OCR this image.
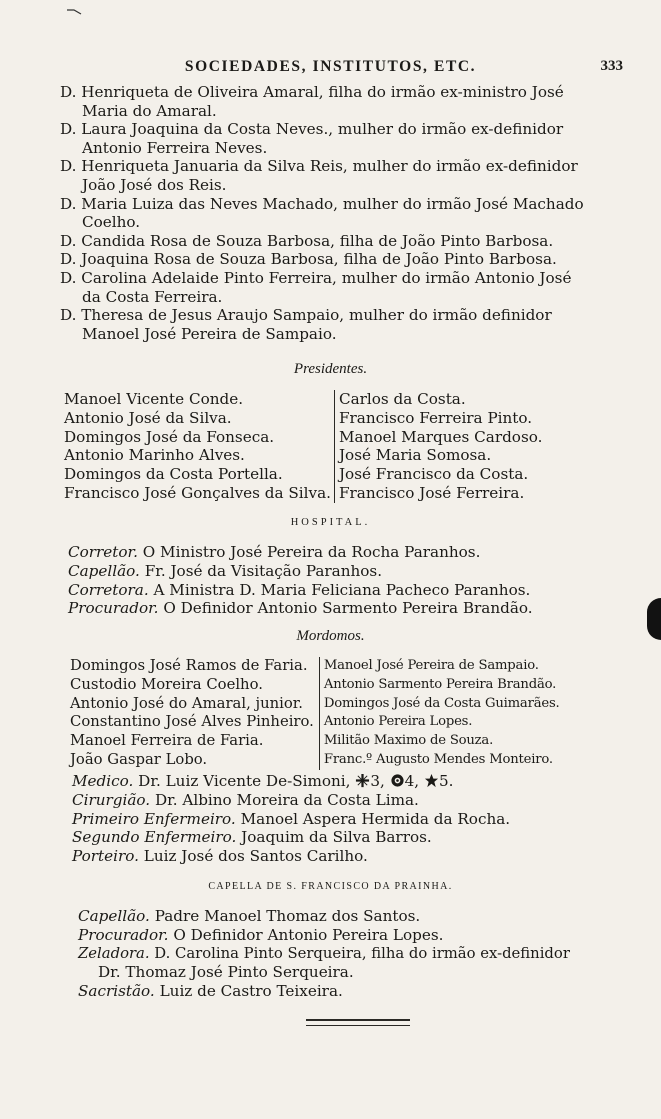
SOCIEDADES, INSTITUTOS, ETC.	333
D. Henriqueta de Oliveira Amaral, filha do irmão ex-ministro José
Maria do Amaral.
D. Laura Joaquina da Costa Neves., mulher do irmão ex-definidor
Antonio Ferreira Neves.
D. Henriqueta Januaria da Silva Reis, mulher do irmão ex-definidor
João José dos Reis.
D. Maria Luiza das Neves Machado, mulher do irmão José Machado
Coelho.
D. Candida Rosa de Souza Barbosa, filha de João Pinto Barbosa.
D. Joaquina Rosa de Souza Barbosa, filha de João Pinto Barbosa.
D. Carolina Adelaide Pinto Ferreira, mulher do irmão Antonio José
da Costa Ferreira.
D. Theresa de Jesus Araujo Sampaio, mulher do irmão definidor
Manoel José Pereira de Sampaio.
Presidentes.
Manoel Vicente Conde.
Antonio José da Silva.
Domingos José da Fonseca.
Antonio Marinho Alves.
Domingos da Costa Portella.
Francisco José Gonçalves da Silva.
Carlos da Costa.
Francisco Ferreira Pinto.
Manoel Marques Cardoso.
José Maria Somosa.
José Francisco da Costa.
Francisco José Ferreira.
HOSPITAL.
Corretor. O Ministro José Pereira da Rocha Paranhos.
Capellão. Fr. José da Visitação Paranhos.
Corretora. A Ministra D. Maria Feliciana Pacheco Paranhos.
Procurador. O Definidor Antonio Sarmento Pereira Brandão.
Mordomos.
Domingos José Ramos de Faria.
Custodio Moreira Coelho.
Antonio José do Amaral, junior.
Constantino José Alves Pinheiro.
Manoel Ferreira de Faria.
João Gaspar Lobo.
Manoel José Pereira de Sampaio.
Antonio Sarmento Pereira Brandão.
Domingos José da Costa Guimarães.
Antonio Pereira Lopes.
Militão Maximo de Souza.
Franc.º Augusto Mendes Monteiro.
Medico. Dr. Luiz Vicente De-Simoni, 3, 4, 5.
Cirurgião. Dr. Albino Moreira da Costa Lima.
Primeiro Enfermeiro. Manoel Aspera Hermida da Rocha.
Segundo Enfermeiro. Joaquim da Silva Barros.
Porteiro. Luiz José dos Santos Carilho.
CAPELLA DE S. FRANCISCO DA PRAINHA.
Capellão. Padre Manoel Thomaz dos Santos.
Procurador. O Definidor Antonio Pereira Lopes.
Zeladora. D. Carolina Pinto Serqueira, filha do irmão ex-definidor
Dr. Thomaz José Pinto Serqueira.
Sacristão. Luiz de Castro Teixeira.
